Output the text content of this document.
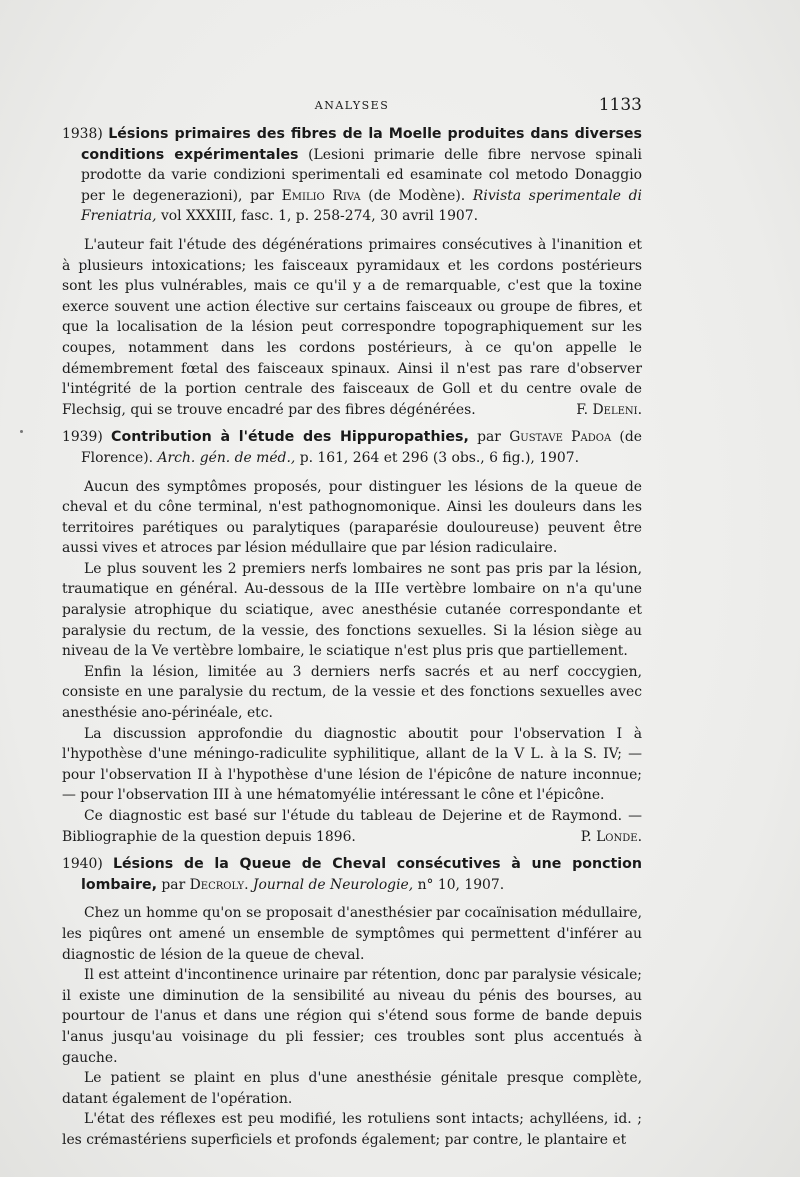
ANALYSES	1133

1938) Lésions primaires des fibres de la Moelle produites dans diverses conditions expérimentales (Lesioni primarie delle fibre nervose spinali prodotte da varie condizioni sperimentali ed esaminate col metodo Donaggio per le degenerazioni), par Emilio Riva (de Modène). Rivista sperimentale di Freniatria, vol XXXIII, fasc. 1, p. 258-274, 30 avril 1907.

L'auteur fait l'étude des dégénérations primaires consécutives à l'inanition et à plusieurs intoxications; les faisceaux pyramidaux et les cordons postérieurs sont les plus vulnérables, mais ce qu'il y a de remarquable, c'est que la toxine exerce souvent une action élective sur certains faisceaux ou groupe de fibres, et que la localisation de la lésion peut correspondre topographiquement sur les coupes, notamment dans les cordons postérieurs, à ce qu'on appelle le démembrement fœtal des faisceaux spinaux. Ainsi il n'est pas rare d'observer l'intégrité de la portion centrale des faisceaux de Goll et du centre ovale de Flechsig, qui se trouve encadré par des fibres dégénérées.	F. Deleni.

1939) Contribution à l'étude des Hippuropathies, par Gustave Padoa (de Florence). Arch. gén. de méd., p. 161, 264 et 296 (3 obs., 6 fig.), 1907.

Aucun des symptômes proposés, pour distinguer les lésions de la queue de cheval et du cône terminal, n'est pathognomonique. Ainsi les douleurs dans les territoires parétiques ou paralytiques (paraparésie douloureuse) peuvent être aussi vives et atroces par lésion médullaire que par lésion radiculaire.

Le plus souvent les 2 premiers nerfs lombaires ne sont pas pris par la lésion, traumatique en général. Au-dessous de la IIIe vertèbre lombaire on n'a qu'une paralysie atrophique du sciatique, avec anesthésie cutanée correspondante et paralysie du rectum, de la vessie, des fonctions sexuelles. Si la lésion siège au niveau de la Ve vertèbre lombaire, le sciatique n'est plus pris que partiellement.

Enfin la lésion, limitée au 3 derniers nerfs sacrés et au nerf coccygien, consiste en une paralysie du rectum, de la vessie et des fonctions sexuelles avec anesthésie ano-périnéale, etc.

La discussion approfondie du diagnostic aboutit pour l'observation I à l'hypothèse d'une méningo-radiculite syphilitique, allant de la V L. à la S. IV; — pour l'observation II à l'hypothèse d'une lésion de l'épicône de nature inconnue; — pour l'observation III à une hématomyélie intéressant le cône et l'épicône.

Ce diagnostic est basé sur l'étude du tableau de Dejerine et de Raymond. — Bibliographie de la question depuis 1896.	P. Londe.

1940) Lésions de la Queue de Cheval consécutives à une ponction lombaire, par Decroly. Journal de Neurologie, n° 10, 1907.

Chez un homme qu'on se proposait d'anesthésier par cocaïnisation médullaire, les piqûres ont amené un ensemble de symptômes qui permettent d'inférer au diagnostic de lésion de la queue de cheval.

Il est atteint d'incontinence urinaire par rétention, donc par paralysie vésicale; il existe une diminution de la sensibilité au niveau du pénis des bourses, au pourtour de l'anus et dans une région qui s'étend sous forme de bande depuis l'anus jusqu'au voisinage du pli fessier; ces troubles sont plus accentués à gauche.

Le patient se plaint en plus d'une anesthésie génitale presque complète, datant également de l'opération.

L'état des réflexes est peu modifié, les rotuliens sont intacts; achylléens, id. ; les crémastériens superficiels et profonds également; par contre, le plantaire et
